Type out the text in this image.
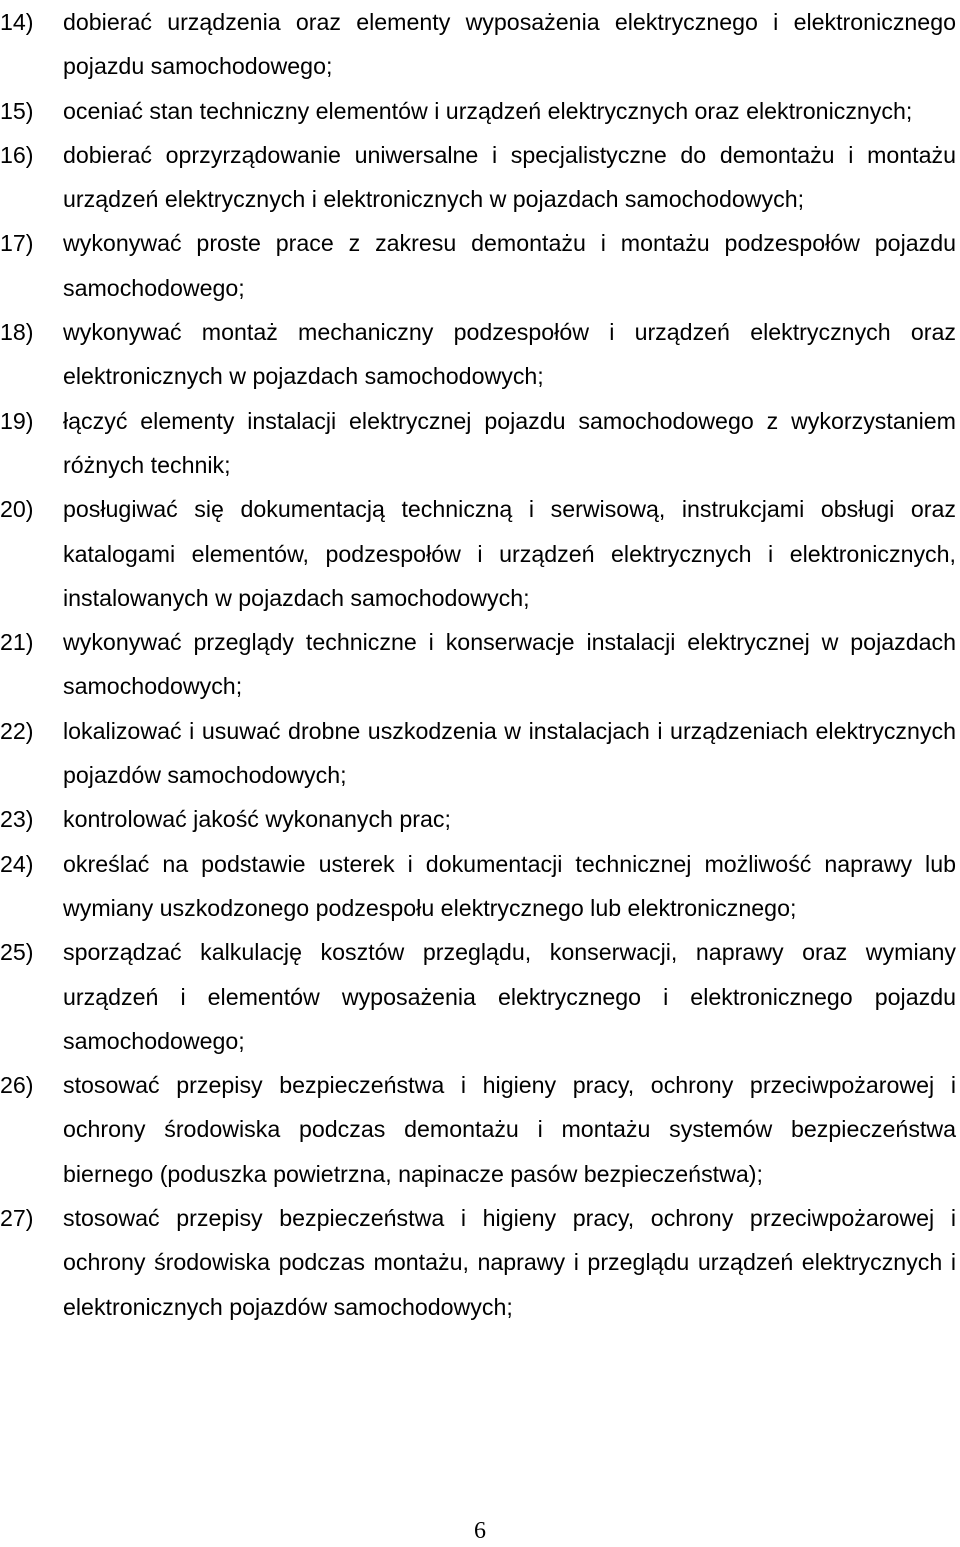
14)	dobierać urządzenia oraz elementy wyposażenia elektrycznego i elektronicznego pojazdu samochodowego;
15)	oceniać stan techniczny elementów i urządzeń elektrycznych oraz elektronicznych;
16)	dobierać oprzyrządowanie uniwersalne i specjalistyczne do demontażu i montażu urządzeń elektrycznych i elektronicznych w pojazdach samochodowych;
17)	wykonywać proste prace z zakresu demontażu i montażu podzespołów pojazdu samochodowego;
18)	wykonywać montaż mechaniczny podzespołów i urządzeń elektrycznych oraz elektronicznych w pojazdach samochodowych;
19)	łączyć elementy instalacji elektrycznej pojazdu samochodowego z wykorzystaniem różnych technik;
20)	posługiwać się dokumentacją techniczną i serwisową, instrukcjami obsługi oraz katalogami elementów, podzespołów i urządzeń elektrycznych i elektronicznych, instalowanych w pojazdach samochodowych;
21)	wykonywać przeglądy techniczne i konserwacje instalacji elektrycznej w pojazdach samochodowych;
22)	lokalizować i usuwać drobne uszkodzenia w instalacjach i urządzeniach elektrycznych pojazdów samochodowych;
23)	kontrolować jakość wykonanych prac;
24)	określać na podstawie usterek i dokumentacji technicznej możliwość naprawy lub wymiany uszkodzonego podzespołu elektrycznego lub elektronicznego;
25)	sporządzać kalkulację kosztów przeglądu, konserwacji, naprawy oraz wymiany urządzeń i elementów wyposażenia elektrycznego i elektronicznego pojazdu samochodowego;
26)	stosować przepisy bezpieczeństwa i higieny pracy, ochrony przeciwpożarowej i ochrony środowiska podczas demontażu i montażu systemów bezpieczeństwa biernego (poduszka powietrzna, napinacze pasów bezpieczeństwa);
27)	stosować przepisy bezpieczeństwa i higieny pracy, ochrony przeciwpożarowej i ochrony środowiska podczas montażu, naprawy i przeglądu urządzeń elektrycznych i elektronicznych pojazdów samochodowych;
6
